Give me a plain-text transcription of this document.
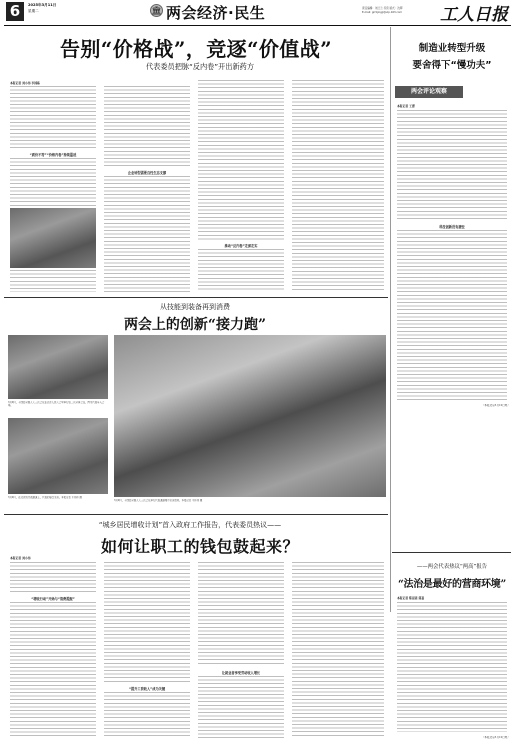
6	2025年3月11日
星期二	🏛 两会经济·民生	责任编辑：刘兰兰 乔宛 版式：沈辉
E-mail: grrbjingji@vip.163.com 工人日报
告别“价格战”，竞逐“价值战”
代表委员把脉“反内卷”开出新药方
本报记者 刘小伟 李国栋
“质价不符”“价格内卷”持续蔓延
企业转型需要良性生态支撑
推动“反内卷”走深走实
制造业转型升级
要舍得下“慢功夫”
两会评论观察
本报记者 王群
科技创新没有捷径
（本报北京3月10日电）
从技能到装备再到消费
两会上的创新“接力跑”
3月9日，十四届全国人大三次会议在北京人民大会堂举行第二次全体会议。图为代表步入会场。
3月9日，在北京的代表通道上，代表们接受采访。本报记者 王伟伟 摄
3月9日，十四届全国人大三次会议举行代表通道集中采访活动。本报记者 王伟伟 摄
——两会代表热议“两高”报告
“法治是最好的营商环境”
本报记者 陈思思 郭嘉
（本报北京3月10日电）
“城乡居民增收计划”首入政府工作报告，代表委员热议——
如何让职工的钱包鼓起来？
本报记者 刘小伟
“增收行动”开始与“消费提振”
“提升工资收入”成为关键
让就业者享受劳动收入增长
